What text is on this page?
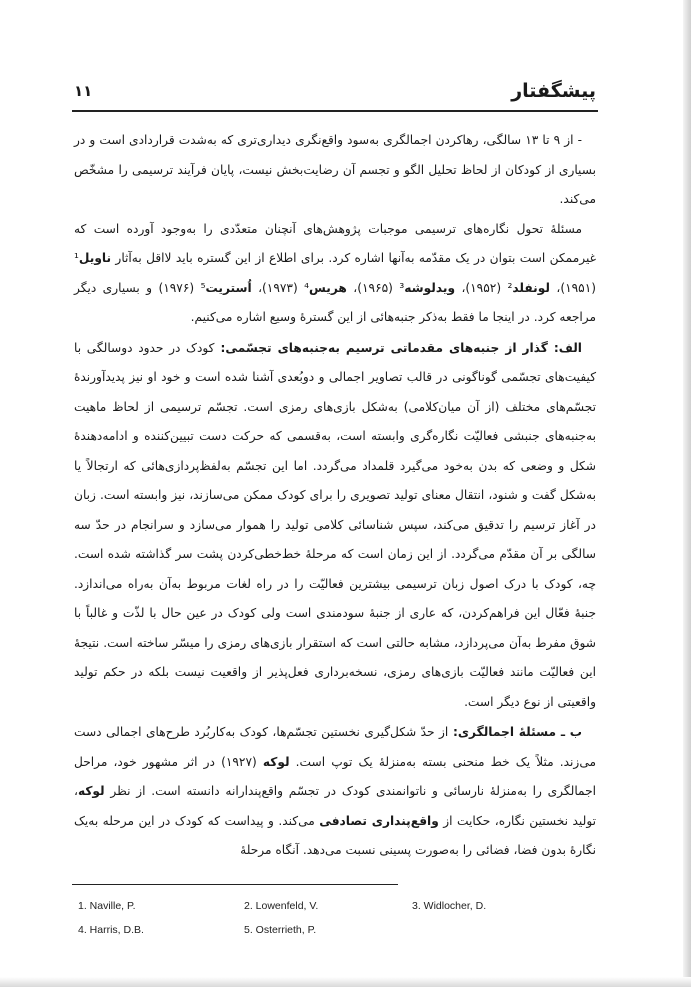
پیشگفتار
۱۱

- از ۹ تا ۱۳ سالگی، رهاکردن اجمالگری به‌سود واقع‌نگری دیداری‌تری که به‌شدت قراردادی است و در بسیاری از کودکان از لحاظ تحلیل الگو و تجسم آن رضایت‌بخش نیست، پایان فرآیند ترسیمی را مشخّص می‌کند.

مسئلهٔ تحول نگاره‌های ترسیمی موجبات پژوهش‌های آنچنان متعدّدی را به‌وجود آورده است که غیرممکن است بتوان در یک مقدّمه به‌آنها اشاره کرد. برای اطلاع از این گستره باید لااقل به‌آثار ناویل¹ (۱۹۵۱)، لونفلد² (۱۹۵۲)، ویدلوشه³ (۱۹۶۵)، هریس⁴ (۱۹۷۳)، اُستریت⁵ (۱۹۷۶) و بسیاری دیگر مراجعه کرد. در اینجا ما فقط به‌ذکر جنبه‌هائی از این گسترهٔ وسیع اشاره می‌کنیم.

الف: گذار از جنبه‌های مقدماتی ترسیم به‌جنبه‌های تجسّمی: کودک در حدود دوسالگی با کیفیت‌های تجسّمی گوناگونی در قالب تصاویر اجمالی و دوبُعدی آشنا شده است و خود او نیز پدیدآورندهٔ تجسّم‌های مختلف (از آن میان‌کلامی) به‌شکل بازی‌های رمزی است. تجسّم ترسیمی از لحاظ ماهیت به‌جنبه‌های جنبشی فعالیّت نگاره‌گری وابسته است، به‌قسمی که حرکت دست تبیین‌کننده و ادامه‌دهندهٔ شکل و وضعی که بدن به‌خود می‌گیرد قلمداد می‌گردد. اما این تجسّم به‌لفظ‌پردازی‌هائی که ارتجالاً یا به‌شکل گفت و شنود، انتقال معنای تولید تصویری را برای کودک ممکن می‌سازند، نیز وابسته است. زبان در آغاز ترسیم را تدقیق می‌کند، سپس شناسائی کلامی تولید را هموار می‌سازد و سرانجام در حدّ سه سالگی بر آن مقدّم می‌گردد. از این زمان است که مرحلهٔ خط‌خطی‌کردن پشت سر گذاشته شده است. چه، کودک با درک اصول زبان ترسیمی بیشترین فعالیّت را در راه لغات مربوط به‌آن به‌راه می‌اندازد. جنبهٔ فعّال این فراهم‌کردن، که عاری از جنبهٔ سودمندی است ولی کودک در عین حال با لذّت و غالباً با شوق مفرط به‌آن می‌پردازد، مشابه حالتی است که استقرار بازی‌های رمزی را میسّر ساخته است. نتیجهٔ این فعالیّت مانند فعالیّت بازی‌های رمزی، نسخه‌برداری فعل‌پذیر از واقعیت نیست بلکه در حکم تولید واقعیتی از نوع دیگر است.

ب ـ مسئلهٔ اجمالگری: از حدّ شکل‌گیری نخستین تجسّم‌ها، کودک به‌کاربُرد طرح‌های اجمالی دست می‌زند. مثلاً یک خط منحنی بسته به‌منزلهٔ یک توپ است. لوکه (۱۹۲۷) در اثر مشهور خود، مراحل اجمالگری را به‌منزلهٔ نارسائی و ناتوانمندی کودک در تجسّم واقع‌پندارانه دانسته است. از نظر لوکه، تولید نخستین نگاره، حکایت از واقع‌پنداری تصادفی می‌کند. و پیداست که کودک در این مرحله به‌یک نگارهٔ بدون فضا، فضائی را به‌صورت پسینی نسبت می‌دهد. آنگاه مرحلهٔ

1. Naville, P.	2. Lowenfeld, V.	3. Widlocher, D.
4. Harris, D.B.	5. Osterrieth, P.
